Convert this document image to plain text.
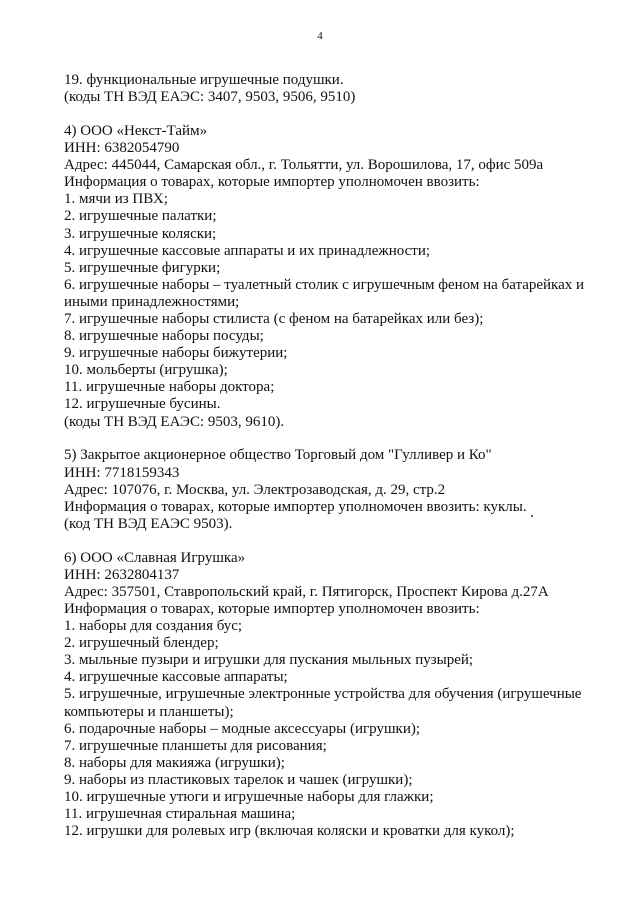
4

19. функциональные игрушечные подушки.

(коды ТН ВЭД ЕАЭС: 3407, 9503, 9506, 9510)

4) ООО «Некст-Тайм»

ИНН: 6382054790

Адрес: 445044, Самарская обл., г. Тольятти, ул. Ворошилова, 17, офис 509а

Информация о товарах, которые импортер уполномочен ввозить:

1. мячи из ПВХ;

2. игрушечные палатки;

3. игрушечные коляски;

4. игрушечные кассовые аппараты и их принадлежности;

5. игрушечные фигурки;

6. игрушечные наборы – туалетный столик с игрушечным феном на батарейках и иными принадлежностями;

7. игрушечные наборы стилиста (с феном на батарейках или без);

8. игрушечные наборы посуды;

9. игрушечные наборы бижутерии;

10. мольберты (игрушка);

11. игрушечные наборы доктора;

12. игрушечные бусины.

(коды ТН ВЭД ЕАЭС: 9503, 9610).

5) Закрытое акционерное общество Торговый дом "Гулливер и Ко"

ИНН: 7718159343

Адрес: 107076, г. Москва, ул. Электрозаводская, д. 29, стр.2

Информация о товарах, которые импортер уполномочен ввозить: куклы.

(код ТН ВЭД ЕАЭС 9503).

6) ООО «Славная Игрушка»

ИНН: 2632804137

Адрес: 357501, Ставропольский край, г. Пятигорск, Проспект Кирова д.27А

Информация о товарах, которые импортер уполномочен ввозить:

1. наборы для создания бус;

2. игрушечный блендер;

3. мыльные пузыри и игрушки для пускания мыльных пузырей;

4. игрушечные кассовые аппараты;

5. игрушечные, игрушечные электронные устройства для обучения (игрушечные компьютеры и планшеты);

6. подарочные наборы – модные аксессуары (игрушки);

7. игрушечные планшеты для рисования;

8. наборы для макияжа (игрушки);

9. наборы из пластиковых тарелок и чашек (игрушки);

10. игрушечные утюги и игрушечные наборы для глажки;

11. игрушечная стиральная машина;

12. игрушки для ролевых игр (включая коляски и кроватки для кукол);
